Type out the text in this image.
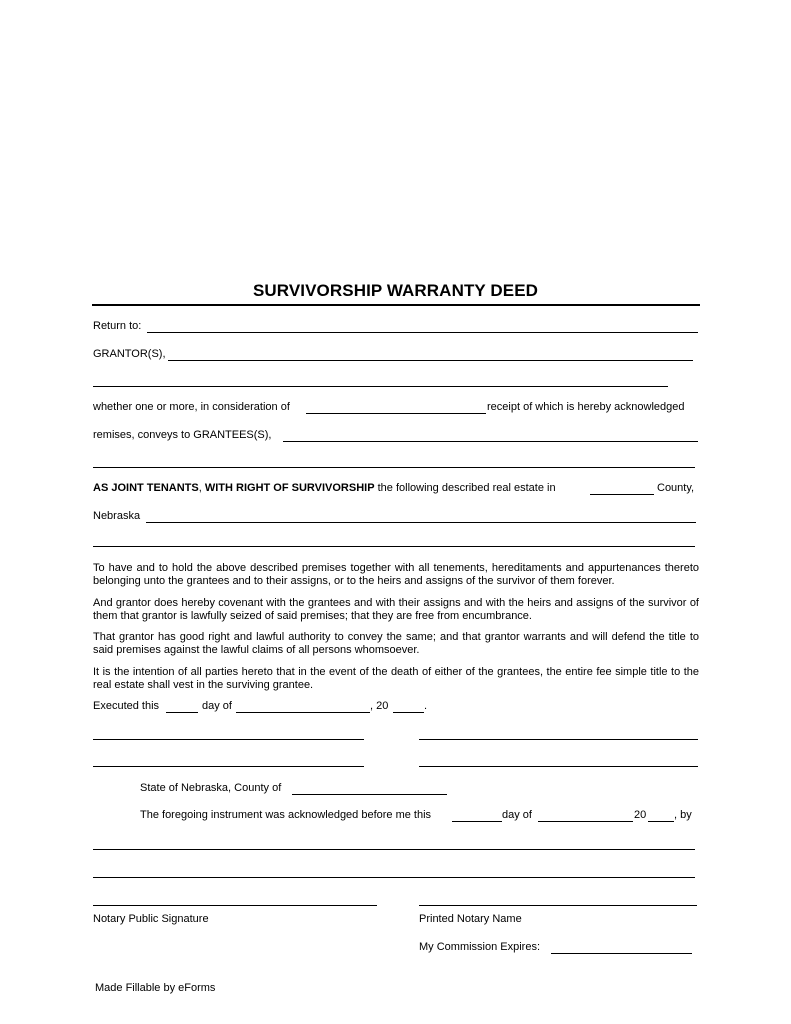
SURVIVORSHIP WARRANTY DEED
Return to:
GRANTOR(S),
whether one or more, in consideration of	receipt of which is hereby acknowledged
remises, conveys to GRANTEES(S),
AS JOINT TENANTS, WITH RIGHT OF SURVIVORSHIP the following described real estate in	County,
Nebraska
To have and to hold the above described premises together with all tenements, hereditaments and appurtenances thereto belonging unto the grantees and to their assigns, or to the heirs and assigns of the survivor of them forever.
And grantor does hereby covenant with the grantees and with their assigns and with the heirs and assigns of the survivor of them that grantor is lawfully seized of said premises; that they are free from encumbrance.
That grantor has good right and lawful authority to convey the same; and that grantor warrants and will defend the title to said premises against the lawful claims of all persons whomsoever.
It is the intention of all parties hereto that in the event of the death of either of the grantees, the entire fee simple title to the real estate shall vest in the surviving grantee.
Executed this	day of	, 20	.
State of Nebraska, County of
The foregoing instrument was acknowledged before me this	day of	20	, by
Notary Public Signature	Printed Notary Name
My Commission Expires:
Made Fillable by eForms
